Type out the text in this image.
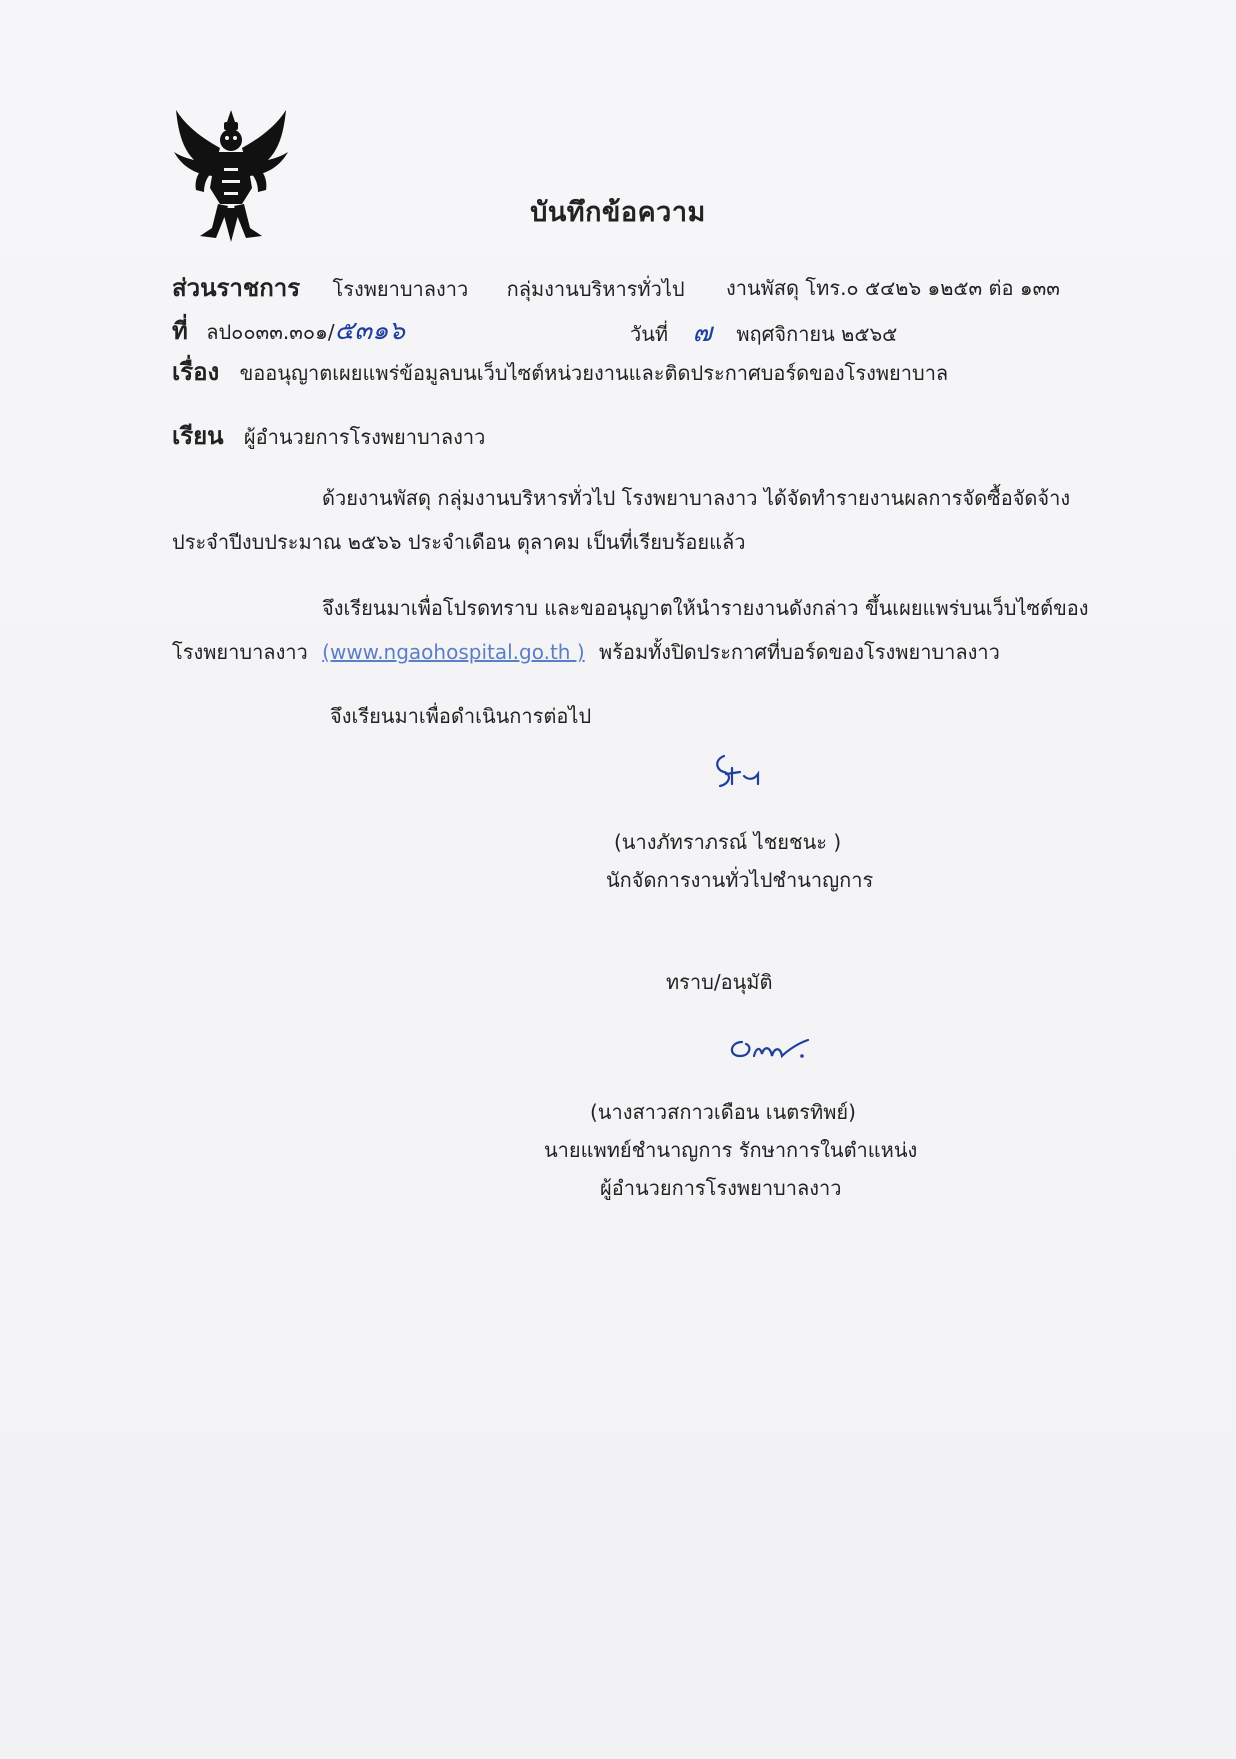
บันทึกข้อความ
ส่วนราชการ โรงพยาบาลงาว กลุ่มงานบริหารทั่วไป งานพัสดุ โทร.๐ ๕๔๒๖ ๑๒๕๓ ต่อ ๑๓๓
ที่ ลป๐๐๓๓.๓๐๑/๕๓๑๖	วันที่ ๗ พฤศจิกายน ๒๕๖๕
เรื่อง ขออนุญาตเผยแพร่ข้อมูลบนเว็บไซต์หน่วยงานและติดประกาศบอร์ดของโรงพยาบาล
เรียน ผู้อำนวยการโรงพยาบาลงาว
ด้วยงานพัสดุ กลุ่มงานบริหารทั่วไป โรงพยาบาลงาว ได้จัดทำรายงานผลการจัดซื้อจัดจ้าง
ประจำปีงบประมาณ ๒๕๖๖ ประจำเดือน ตุลาคม เป็นที่เรียบร้อยแล้ว
จึงเรียนมาเพื่อโปรดทราบ และขออนุญาตให้นำรายงานดังกล่าว ขึ้นเผยแพร่บนเว็บไซต์ของ
โรงพยาบาลงาว (www.ngaohospital.go.th ) พร้อมทั้งปิดประกาศที่บอร์ดของโรงพยาบาลงาว
จึงเรียนมาเพื่อดำเนินการต่อไป
(นางภัทราภรณ์ ไชยชนะ )
นักจัดการงานทั่วไปชำนาญการ
ทราบ/อนุมัติ
(นางสาวสกาวเดือน เนตรทิพย์)
นายแพทย์ชำนาญการ รักษาการในตำแหน่ง
ผู้อำนวยการโรงพยาบาลงาว
